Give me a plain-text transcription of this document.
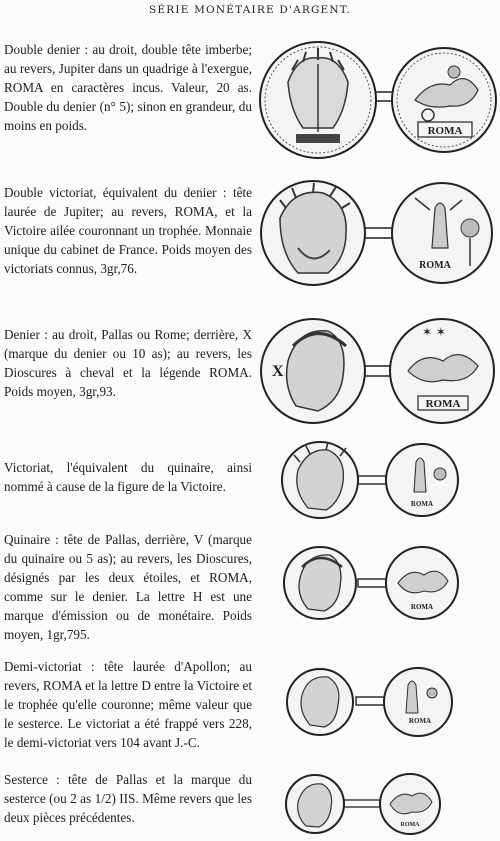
SÉRIE MONÉTAIRE D'ARGENT.

Double denier : au droit, double tête imberbe; au revers, Jupiter dans un quadrige à l'exergue, ROMA en caractères incus. Valeur, 20 as. Double du denier (n° 5); sinon en grandeur, du moins en poids.	ROMA

Double victoriat, équivalent du denier : tête laurée de Jupiter; au revers, ROMA, et la Victoire ailée couronnant un trophée. Monnaie unique du cabinet de France. Poids moyen des victoriats connus, 3gr,76.	ROMA

Denier : au droit, Pallas ou Rome; derrière, X (marque du denier ou 10 as); au revers, les Dioscures à cheval et la légende ROMA. Poids moyen, 3gr,93.

X
✶ ✶
ROMA

Victoriat, l'équivalent du quinaire, ainsi nommé à cause de la figure de la Victoire.

ROMA

Quinaire : tête de Pallas, derrière, V (marque du quinaire ou 5 as); au revers, les Dioscures, désignés par les deux étoiles, et ROMA, comme sur le denier. La lettre H est une marque d'émission ou de monétaire. Poids moyen, 1gr,795.

ROMA

Demi-victoriat : tête laurée d'Apollon; au revers, ROMA et la lettre D entre la Victoire et le trophée qu'elle couronne; même valeur que le sesterce. Le victoriat a été frappé vers 228, le demi-victoriat vers 104 avant J.-C.

ROMA

Sesterce : tête de Pallas et la marque du sesterce (ou 2 as 1/2) IIS. Même revers que les deux pièces précédentes.	ROMA
